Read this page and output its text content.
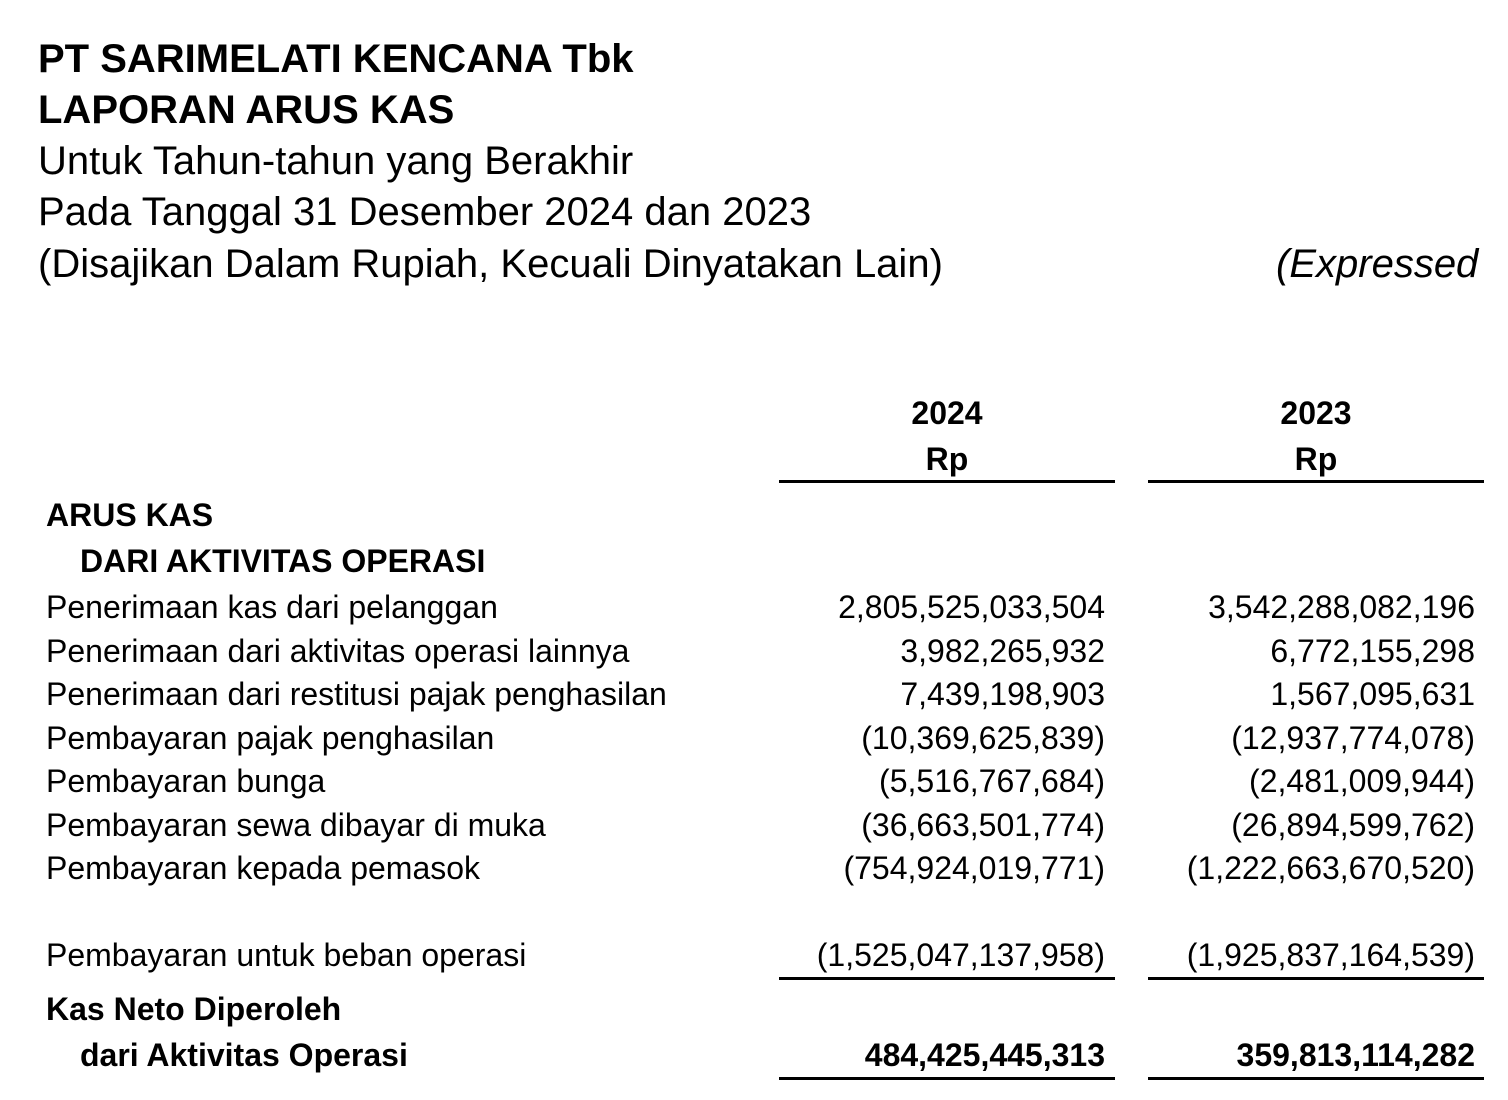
PT SARIMELATI KENCANA Tbk
LAPORAN ARUS KAS
Untuk Tahun-tahun yang Berakhir
Pada Tanggal 31 Desember 2024 dan 2023
(Disajikan Dalam Rupiah, Kecuali Dinyatakan Lain)	(Expressed
2024
Rp
2023
Rp
ARUS KAS
DARI AKTIVITAS OPERASI
Penerimaan kas dari pelanggan	2,805,525,033,504	3,542,288,082,196
Penerimaan dari aktivitas operasi lainnya	3,982,265,932	6,772,155,298
Penerimaan dari restitusi pajak penghasilan	7,439,198,903	1,567,095,631
Pembayaran pajak penghasilan	(10,369,625,839)	(12,937,774,078)
Pembayaran bunga	(5,516,767,684)	(2,481,009,944)
Pembayaran sewa dibayar di muka	(36,663,501,774)	(26,894,599,762)
Pembayaran kepada pemasok	(754,924,019,771)	(1,222,663,670,520)
Pembayaran untuk beban operasi	(1,525,047,137,958)	(1,925,837,164,539)
Kas Neto Diperoleh
dari Aktivitas Operasi	484,425,445,313	359,813,114,282
